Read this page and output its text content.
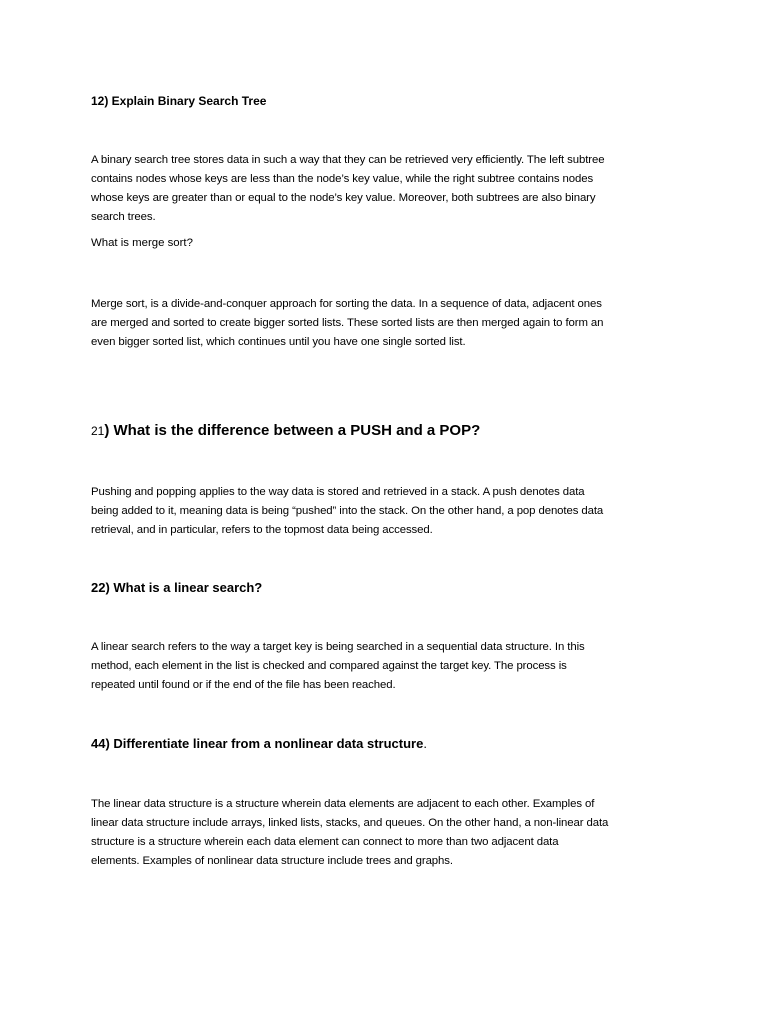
12) Explain Binary Search Tree
A binary search tree stores data in such a way that they can be retrieved very efficiently. The left subtree
contains nodes whose keys are less than the node’s key value, while the right subtree contains nodes
whose keys are greater than or equal to the node’s key value. Moreover, both subtrees are also binary
search trees.
What is merge sort?
Merge sort, is a divide-and-conquer approach for sorting the data. In a sequence of data, adjacent ones
are merged and sorted to create bigger sorted lists. These sorted lists are then merged again to form an
even bigger sorted list, which continues until you have one single sorted list.
21) What is the difference between a PUSH and a POP?
Pushing and popping applies to the way data is stored and retrieved in a stack. A push denotes data
being added to it, meaning data is being “pushed” into the stack. On the other hand, a pop denotes data
retrieval, and in particular, refers to the topmost data being accessed.
22) What is a linear search?
A linear search refers to the way a target key is being searched in a sequential data structure. In this
method, each element in the list is checked and compared against the target key. The process is
repeated until found or if the end of the file has been reached.
44) Differentiate linear from a nonlinear data structure.
The linear data structure is a structure wherein data elements are adjacent to each other. Examples of
linear data structure include arrays, linked lists, stacks, and queues. On the other hand, a non-linear data
structure is a structure wherein each data element can connect to more than two adjacent data
elements. Examples of nonlinear data structure include trees and graphs.
